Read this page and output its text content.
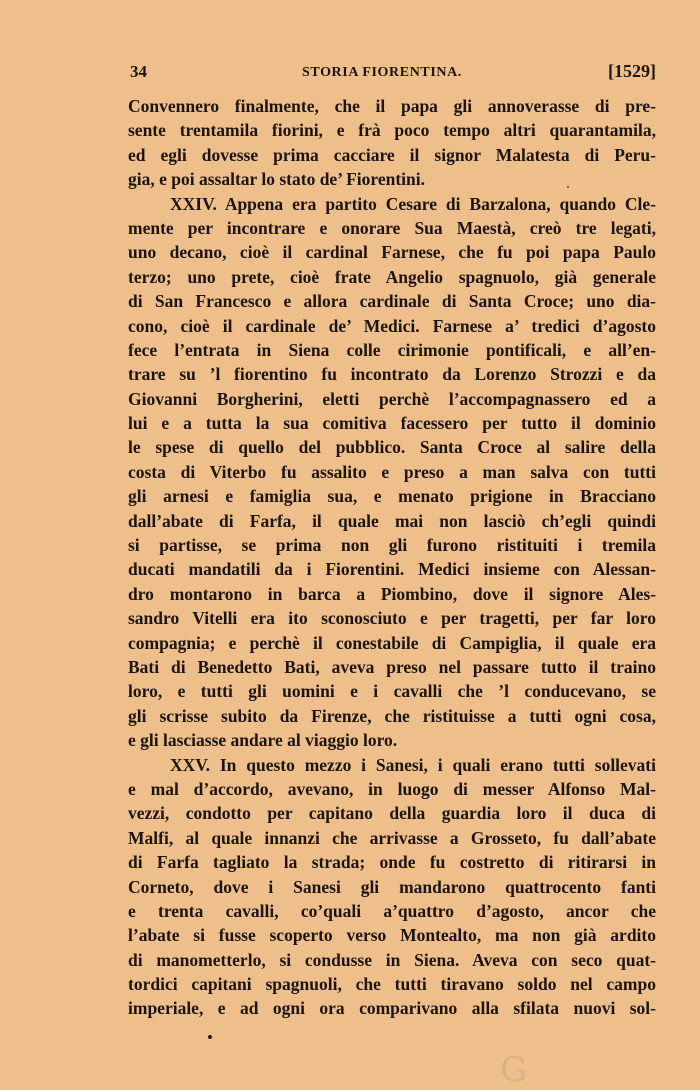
34	STORIA FIORENTINA.	[1529]
Convennero finalmente, che il papa gli annoverasse di pre-
sente trentamila fiorini, e frà poco tempo altri quarantamila,
ed egli dovesse prima cacciare il signor Malatesta di Peru-
gia, e poi assaltar lo stato de’ Fiorentini.
XXIV. Appena era partito Cesare di Barzalona, quando Cle-
mente per incontrare e onorare Sua Maestà, creò tre legati,
uno decano, cioè il cardinal Farnese, che fu poi papa Paulo
terzo; uno prete, cioè frate Angelio spagnuolo, già generale
di San Francesco e allora cardinale di Santa Croce; uno dia-
cono, cioè il cardinale de’ Medici. Farnese a’ tredici d’agosto
fece l’entrata in Siena colle cirimonie pontificali, e all’en-
trare su ’l fiorentino fu incontrato da Lorenzo Strozzi e da
Giovanni Borgherini, eletti perchè l’accompagnassero ed a
lui e a tutta la sua comitiva facessero per tutto il dominio
le spese di quello del pubblico. Santa Croce al salire della
costa di Viterbo fu assalito e preso a man salva con tutti
gli arnesi e famiglia sua, e menato prigione in Bracciano
dall’abate di Farfa, il quale mai non lasciò ch’egli quindi
si partisse, se prima non gli furono ristituiti i tremila
ducati mandatili da i Fiorentini. Medici insieme con Alessan-
dro montarono in barca a Piombino, dove il signore Ales-
sandro Vitelli era ito sconosciuto e per tragetti, per far loro
compagnia; e perchè il conestabile di Campiglia, il quale era
Bati di Benedetto Bati, aveva preso nel passare tutto il traino
loro, e tutti gli uomini e i cavalli che ’l conducevano, se
gli scrisse subito da Firenze, che ristituisse a tutti ogni cosa,
e gli lasciasse andare al viaggio loro.
XXV. In questo mezzo i Sanesi, i quali erano tutti sollevati
e mal d’accordo, avevano, in luogo di messer Alfonso Mal-
vezzi, condotto per capitano della guardia loro il duca di
Malfi, al quale innanzi che arrivasse a Grosseto, fu dall’abate
di Farfa tagliato la strada; onde fu costretto di ritirarsi in
Corneto, dove i Sanesi gli mandarono quattrocento fanti
e trenta cavalli, co’quali a’quattro d’agosto, ancor che
l’abate si fusse scoperto verso Montealto, ma non già ardito
di manometterlo, si condusse in Siena. Aveva con seco quat-
tordici capitani spagnuoli, che tutti tiravano soldo nel campo
imperiale, e ad ogni ora comparivano alla sfilata nuovi sol-
G
